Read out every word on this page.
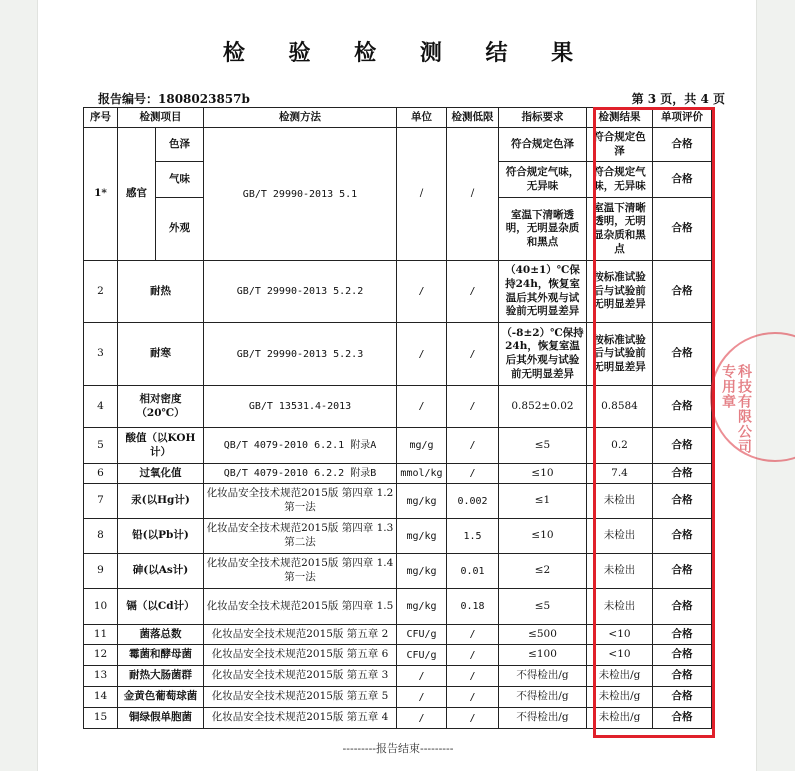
检 验 检 测 结 果
报告编号：1808023857b	第 3 页，共 4 页
序号	检测项目		检测方法	单位	检测低限	指标要求	检测结果	单项评价
1*	感官	色泽	GB/T 29990-2013 5.1	/	/	符合规定色泽	符合规定色泽	合格
		气味				符合规定气味，无异味	符合规定气味，无异味	合格
		外观				室温下清晰透明，无明显杂质和黑点	室温下清晰透明，无明显杂质和黑点	合格
2	耐热		GB/T 29990-2013 5.2.2	/	/	（40±1）℃保持24h，恢复室温后其外观与试验前无明显差异	按标准试验后与试验前无明显差异	合格
3	耐寒		GB/T 29990-2013 5.2.3	/	/	（-8±2）℃保持24h，恢复室温后其外观与试验前无明显差异	按标准试验后与试验前无明显差异	合格
4	相对密度（20℃）		GB/T 13531.4-2013	/	/	0.852±0.02	0.8584	合格
5	酸值（以KOH计）		QB/T 4079-2010 6.2.1 附录A	mg/g	/	≤5	0.2	合格
6	过氧化值		QB/T 4079-2010 6.2.2 附录B	mmol/kg	/	≤10	7.4	合格
7	汞(以Hg计)		化妆品安全技术规范2015版 第四章 1.2 第一法	mg/kg	0.002	≤1	未检出	合格
8	铅(以Pb计)		化妆品安全技术规范2015版 第四章 1.3 第二法	mg/kg	1.5	≤10	未检出	合格
9	砷(以As计)		化妆品安全技术规范2015版 第四章 1.4 第一法	mg/kg	0.01	≤2	未检出	合格
10	镉（以Cd计）		化妆品安全技术规范2015版 第四章 1.5	mg/kg	0.18	≤5	未检出	合格
11	菌落总数		化妆品安全技术规范2015版 第五章 2	CFU/g	/	≤500	<10	合格
12	霉菌和酵母菌		化妆品安全技术规范2015版 第五章 6	CFU/g	/	≤100	<10	合格
13	耐热大肠菌群		化妆品安全技术规范2015版 第五章 3	/	/	不得检出/g	未检出/g	合格
14	金黄色葡萄球菌		化妆品安全技术规范2015版 第五章 5	/	/	不得检出/g	未检出/g	合格
15	铜绿假单胞菌		化妆品安全技术规范2015版 第五章 4	/	/	不得检出/g	未检出/g	合格
科技有限公司专用章
---------报告结束---------
